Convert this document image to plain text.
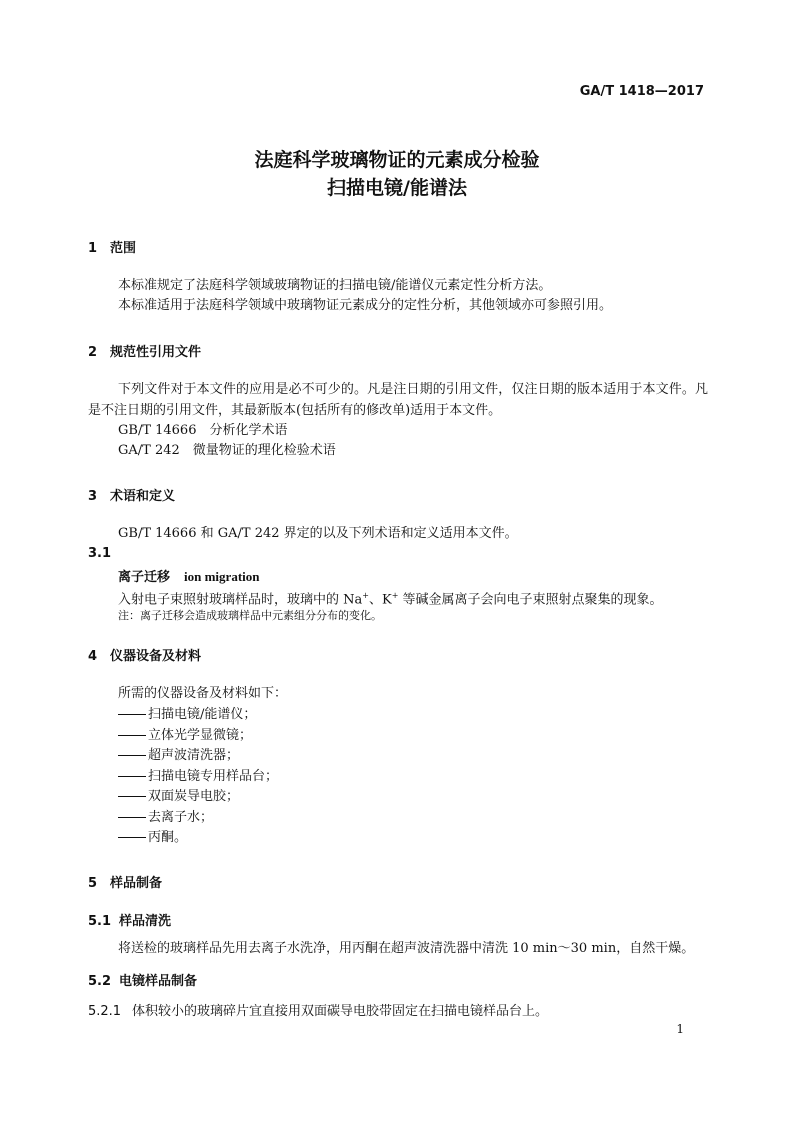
GA/T 1418—2017
法庭科学玻璃物证的元素成分检验
扫描电镜/能谱法
1 范围
本标准规定了法庭科学领域玻璃物证的扫描电镜/能谱仪元素定性分析方法。
本标准适用于法庭科学领域中玻璃物证元素成分的定性分析，其他领域亦可参照引用。
2 规范性引用文件
下列文件对于本文件的应用是必不可少的。凡是注日期的引用文件，仅注日期的版本适用于本文件。凡是不注日期的引用文件，其最新版本(包括所有的修改单)适用于本文件。
GB/T 14666　分析化学术语
GA/T 242　微量物证的理化检验术语
3 术语和定义
GB/T 14666 和 GA/T 242 界定的以及下列术语和定义适用本文件。
3.1
离子迁移 ion migration
入射电子束照射玻璃样品时，玻璃中的 Na+、K+ 等碱金属离子会向电子束照射点聚集的现象。
注：离子迁移会造成玻璃样品中元素组分分布的变化。
4 仪器设备及材料
所需的仪器设备及材料如下：
扫描电镜/能谱仪；
立体光学显微镜；
超声波清洗器；
扫描电镜专用样品台；
双面炭导电胶；
去离子水；
丙酮。
5 样品制备
5.1 样品清洗
将送检的玻璃样品先用去离子水洗净，用丙酮在超声波清洗器中清洗 10 min～30 min，自然干燥。
5.2 电镜样品制备
5.2.1 体积较小的玻璃碎片宜直接用双面碳导电胶带固定在扫描电镜样品台上。
1
